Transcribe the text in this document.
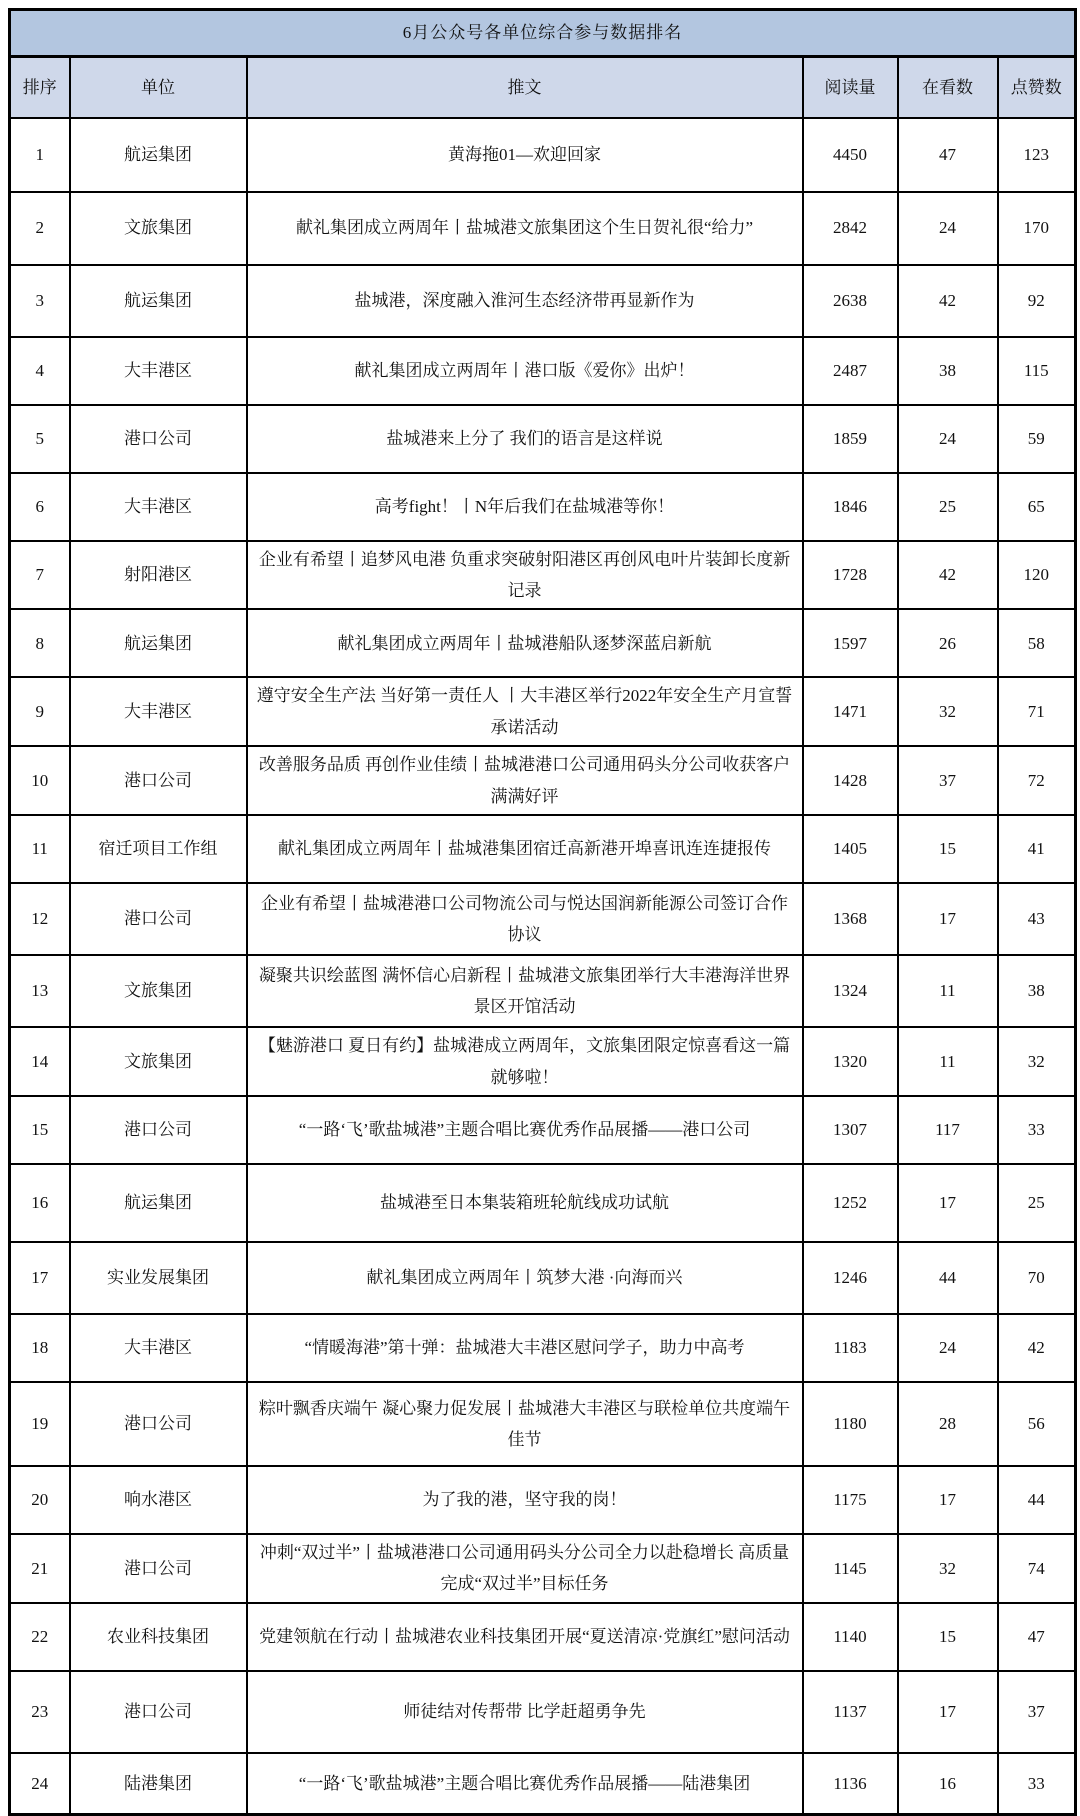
6月公众号各单位综合参与数据排名					
排序	单位	推文	阅读量	在看数	点赞数
1	航运集团	黄海拖01—欢迎回家	4450	47	123
2	文旅集团	献礼集团成立两周年丨盐城港文旅集团这个生日贺礼很“给力”	2842	24	170
3	航运集团	盐城港，深度融入淮河生态经济带再显新作为	2638	42	92
4	大丰港区	献礼集团成立两周年丨港口版《爱你》出炉！	2487	38	115
5	港口公司	盐城港来上分了 我们的语言是这样说	1859	24	59
6	大丰港区	高考fight！丨N年后我们在盐城港等你！	1846	25	65
7	射阳港区	企业有希望丨追梦风电港 负重求突破射阳港区再创风电叶片装卸长度新记录	1728	42	120
8	航运集团	献礼集团成立两周年丨盐城港船队逐梦深蓝启新航	1597	26	58
9	大丰港区	遵守安全生产法 当好第一责任人 丨大丰港区举行2022年安全生产月宣誓承诺活动	1471	32	71
10	港口公司	改善服务品质 再创作业佳绩丨盐城港港口公司通用码头分公司收获客户满满好评	1428	37	72
11	宿迁项目工作组	献礼集团成立两周年丨盐城港集团宿迁高新港开埠喜讯连连捷报传	1405	15	41
12	港口公司	企业有希望丨盐城港港口公司物流公司与悦达国润新能源公司签订合作协议	1368	17	43
13	文旅集团	凝聚共识绘蓝图 满怀信心启新程丨盐城港文旅集团举行大丰港海洋世界景区开馆活动	1324	11	38
14	文旅集团	【魅游港口 夏日有约】盐城港成立两周年，文旅集团限定惊喜看这一篇就够啦！	1320	11	32
15	港口公司	“一路‘飞’歌盐城港”主题合唱比赛优秀作品展播——港口公司	1307	117	33
16	航运集团	盐城港至日本集装箱班轮航线成功试航	1252	17	25
17	实业发展集团	献礼集团成立两周年丨筑梦大港 ·向海而兴	1246	44	70
18	大丰港区	“情暖海港”第十弹：盐城港大丰港区慰问学子，助力中高考	1183	24	42
19	港口公司	粽叶飘香庆端午 凝心聚力促发展丨盐城港大丰港区与联检单位共度端午佳节	1180	28	56
20	响水港区	为了我的港，坚守我的岗！	1175	17	44
21	港口公司	冲刺“双过半”丨盐城港港口公司通用码头分公司全力以赴稳增长 高质量完成“双过半”目标任务	1145	32	74
22	农业科技集团	党建领航在行动丨盐城港农业科技集团开展“夏送清凉·党旗红”慰问活动	1140	15	47
23	港口公司	师徒结对传帮带 比学赶超勇争先	1137	17	37
24	陆港集团	“一路‘飞’歌盐城港”主题合唱比赛优秀作品展播——陆港集团	1136	16	33
